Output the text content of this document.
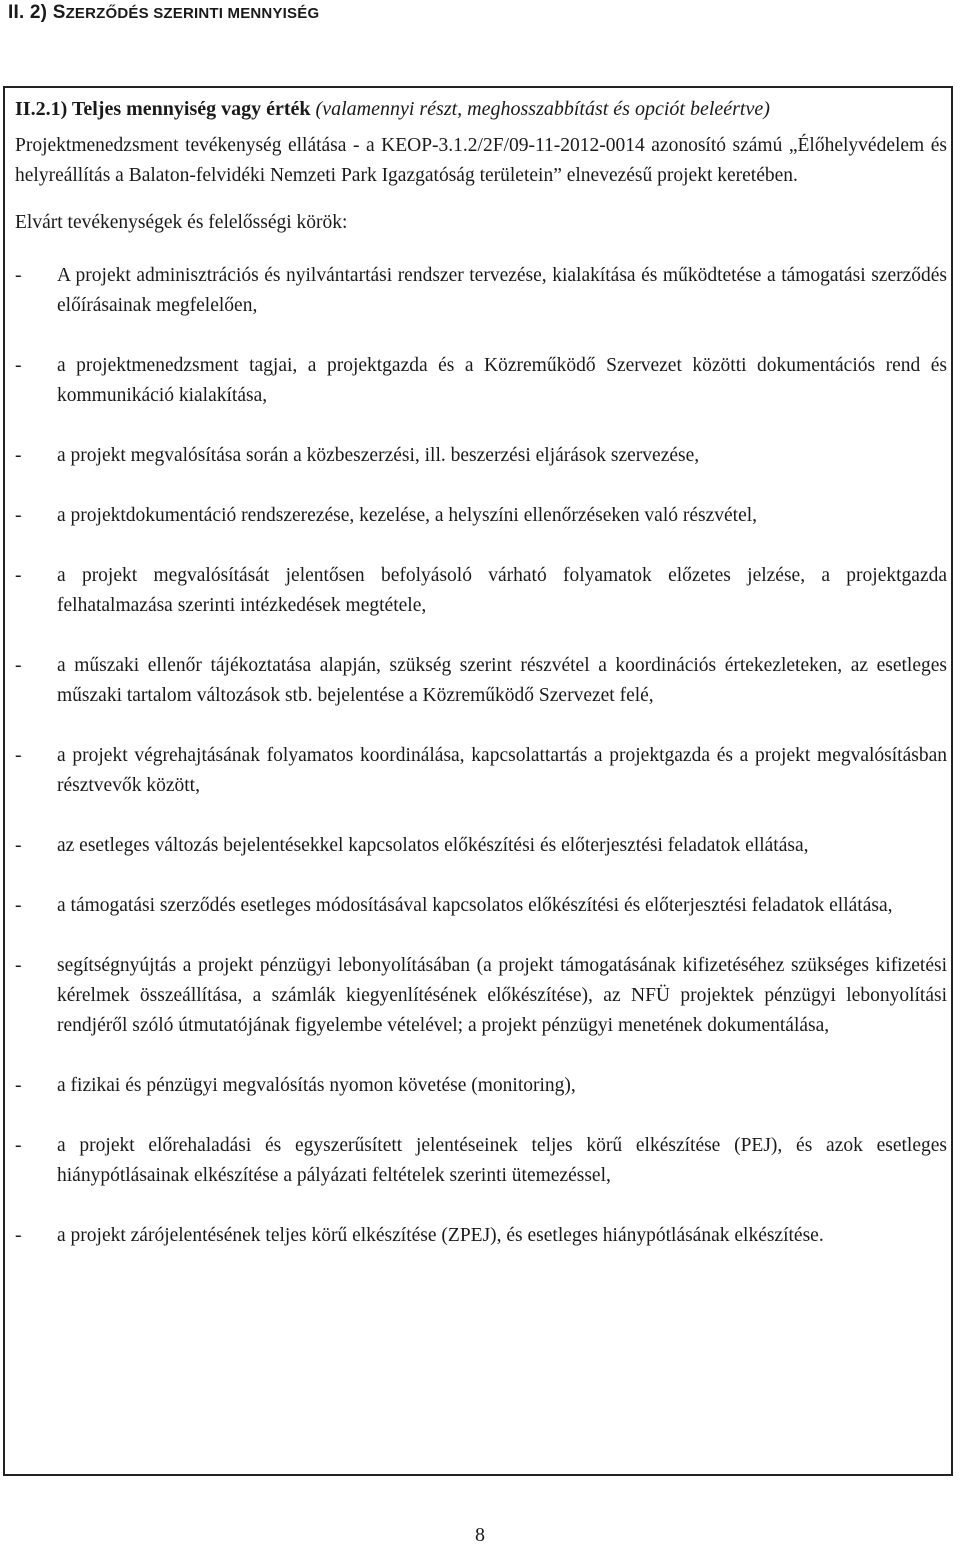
II. 2) SZERZŐDÉS SZERINTI MENNYISÉG
II.2.1) Teljes mennyiség vagy érték (valamennyi részt, meghosszabbítást és opciót beleértve)
Projektmenedzsment tevékenység ellátása - a KEOP-3.1.2/2F/09-11-2012-0014 azonosító számú „Élőhelyvédelem és helyreállítás a Balaton-felvidéki Nemzeti Park Igazgatóság területein” elnevezésű projekt keretében.
Elvárt tevékenységek és felelősségi körök:
-	A projekt adminisztrációs és nyilvántartási rendszer tervezése, kialakítása és működtetése a támogatási szerződés előírásainak megfelelően,
-	a projektmenedzsment tagjai, a projektgazda és a Közreműködő Szervezet közötti dokumentációs rend és kommunikáció kialakítása,
-	a projekt megvalósítása során a közbeszerzési, ill. beszerzési eljárások szervezése,
-	a projektdokumentáció rendszerezése, kezelése, a helyszíni ellenőrzéseken való részvétel,
-	a projekt megvalósítását jelentősen befolyásoló várható folyamatok előzetes jelzése, a projektgazda felhatalmazása szerinti intézkedések megtétele,
-	a műszaki ellenőr tájékoztatása alapján, szükség szerint részvétel a koordinációs értekezleteken, az esetleges műszaki tartalom változások stb. bejelentése a Közreműködő Szervezet felé,
-	a projekt végrehajtásának folyamatos koordinálása, kapcsolattartás a projektgazda és a projekt megvalósításban résztvevők között,
-	az esetleges változás bejelentésekkel kapcsolatos előkészítési és előterjesztési feladatok ellátása,
-	a támogatási szerződés esetleges módosításával kapcsolatos előkészítési és előterjesztési feladatok ellátása,
-	segítségnyújtás a projekt pénzügyi lebonyolításában (a projekt támogatásának kifizetéséhez szükséges kifizetési kérelmek összeállítása, a számlák kiegyenlítésének előkészítése), az NFÜ projektek pénzügyi lebonyolítási rendjéről szóló útmutatójának figyelembe vételével; a projekt pénzügyi menetének dokumentálása,
-	a fizikai és pénzügyi megvalósítás nyomon követése (monitoring),
-	a projekt előrehaladási és egyszerűsített jelentéseinek teljes körű elkészítése (PEJ), és azok esetleges hiánypótlásainak elkészítése a pályázati feltételek szerinti ütemezéssel,
-	a projekt zárójelentésének teljes körű elkészítése (ZPEJ), és esetleges hiánypótlásának elkészítése.
8
